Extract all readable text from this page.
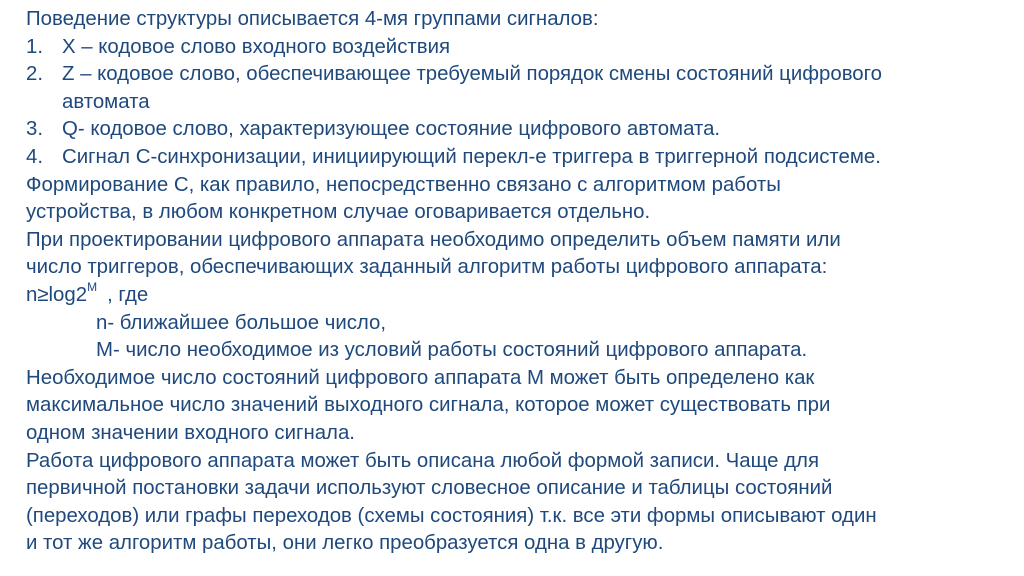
Поведение структуры описывается 4-мя группами сигналов:

1. X – кодовое слово входного воздействия
2. Z – кодовое слово, обеспечивающее требуемый порядок смены состояний цифрового
автомата
3. Q- кодовое слово, характеризующее состояние цифрового автомата.
4. Сигнал С-синхронизации, инициирующий перекл-е триггера в триггерной подсистеме.

Формирование С, как правило, непосредственно связано с алгоритмом работы

устройства, в любом конкретном случае оговаривается отдельно.

При проектировании цифрового аппарата необходимо определить объем памяти или

число триггеров, обеспечивающих заданный алгоритм работы цифрового аппарата:

$n\ge\log 2^M$ , где

n- ближайшее большое число,

M- число необходимое из условий работы состояний цифрового аппарата.

Необходимое число состояний цифрового аппарата M может быть определено как

максимальное число значений выходного сигнала, которое может существовать при

одном значении входного сигнала.

Работа цифрового аппарата может быть описана любой формой записи. Чаще для

первичной постановки задачи используют словесное описание и таблицы состояний

(переходов) или графы переходов (схемы состояния) т.к. все эти формы описывают один

и тот же алгоритм работы, они легко преобразуется одна в другую.
